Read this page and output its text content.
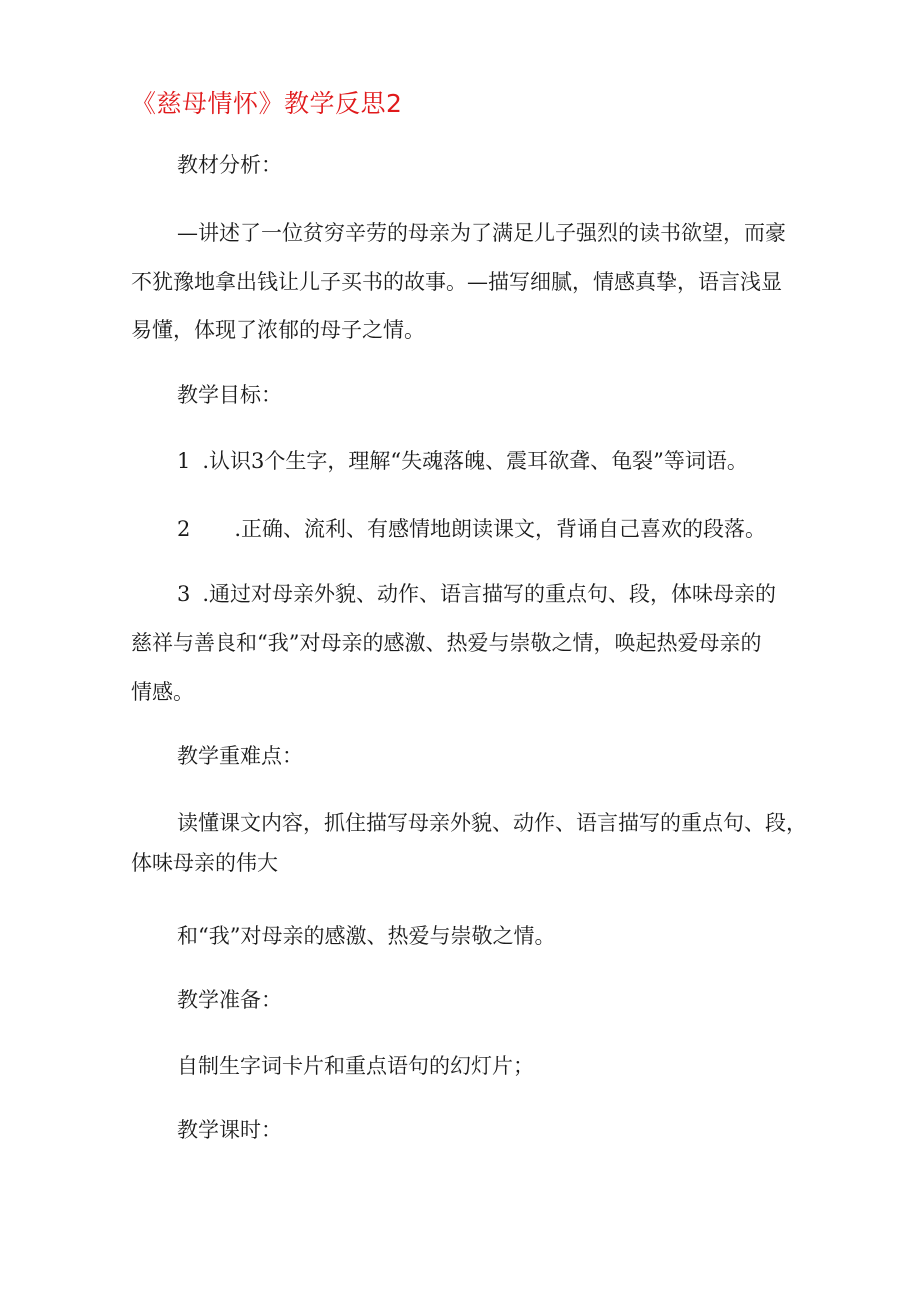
《慈母情怀》教学反思2
教材分析：
—讲述了一位贫穷辛劳的母亲为了满足儿子强烈的读书欲望，而豪
不犹豫地拿出钱让儿子买书的故事。—描写细腻，情感真挚，语言浅显
易懂，体现了浓郁的母子之情。
教学目标：
1 .认识3个生字，理解“失魂落魄、震耳欲聋、龟裂”等词语。
2 .正确、流利、有感情地朗读课文，背诵自己喜欢的段落。
3 .通过对母亲外貌、动作、语言描写的重点句、段，体味母亲的
慈祥与善良和“我”对母亲的感激、热爱与崇敬之情，唤起热爱母亲的
情感。
教学重难点：
读懂课文内容，抓住描写母亲外貌、动作、语言描写的重点句、段，
体味母亲的伟大
和“我”对母亲的感激、热爱与崇敬之情。
教学准备：
自制生字词卡片和重点语句的幻灯片；
教学课时：
